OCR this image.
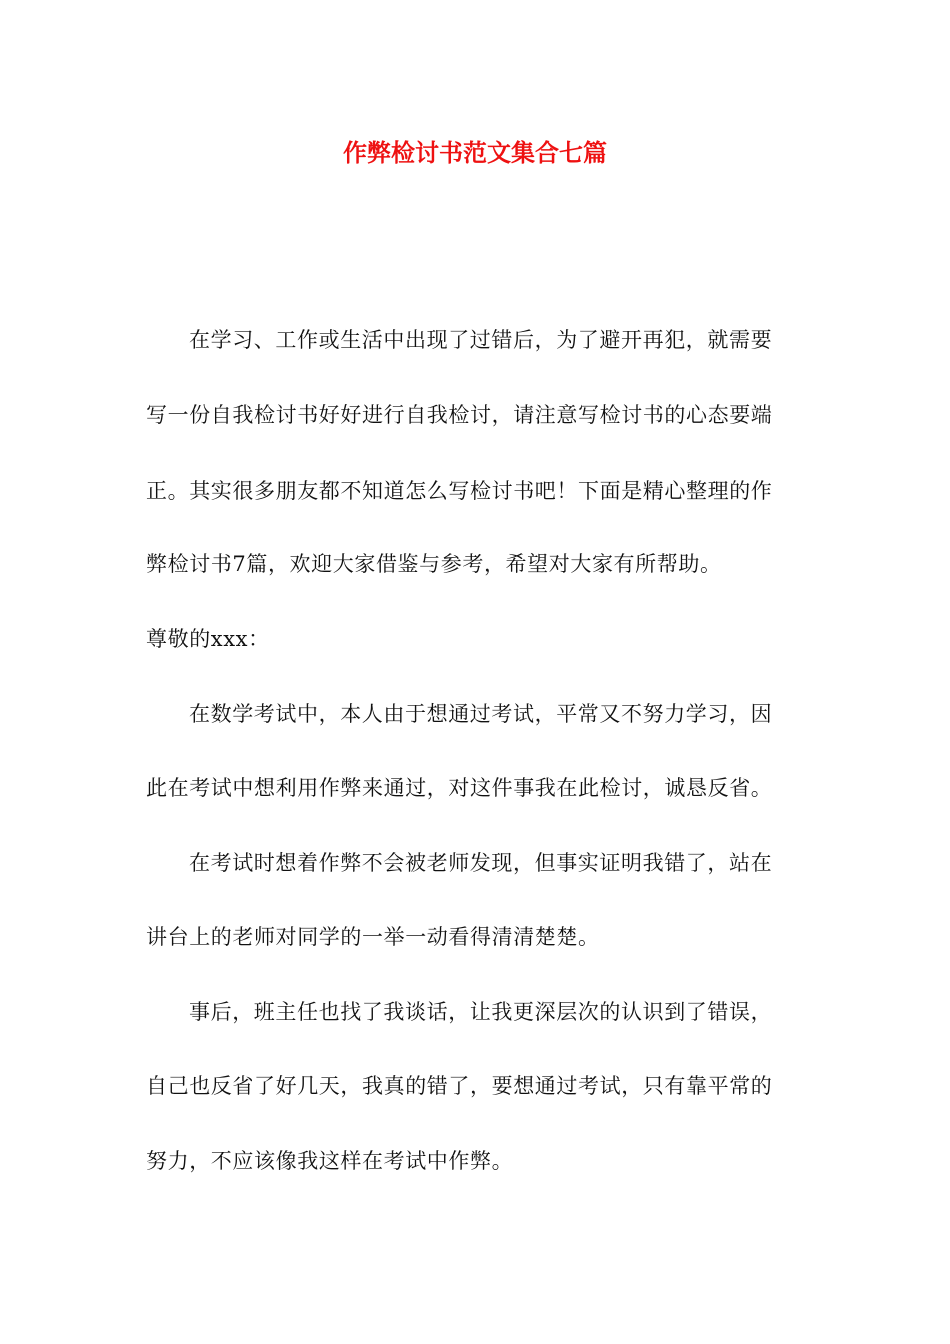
作弊检讨书范文集合七篇
在学习、工作或生活中出现了过错后，为了避开再犯，就需要
写一份自我检讨书好好进行自我检讨，请注意写检讨书的心态要端
正。其实很多朋友都不知道怎么写检讨书吧！下面是精心整理的作
弊检讨书7篇，欢迎大家借鉴与参考，希望对大家有所帮助。
尊敬的xxx：
在数学考试中，本人由于想通过考试，平常又不努力学习，因
此在考试中想利用作弊来通过，对这件事我在此检讨，诚恳反省。
在考试时想着作弊不会被老师发现，但事实证明我错了，站在
讲台上的老师对同学的一举一动看得清清楚楚。
事后，班主任也找了我谈话，让我更深层次的认识到了错误，
自己也反省了好几天，我真的错了，要想通过考试，只有靠平常的
努力，不应该像我这样在考试中作弊。
